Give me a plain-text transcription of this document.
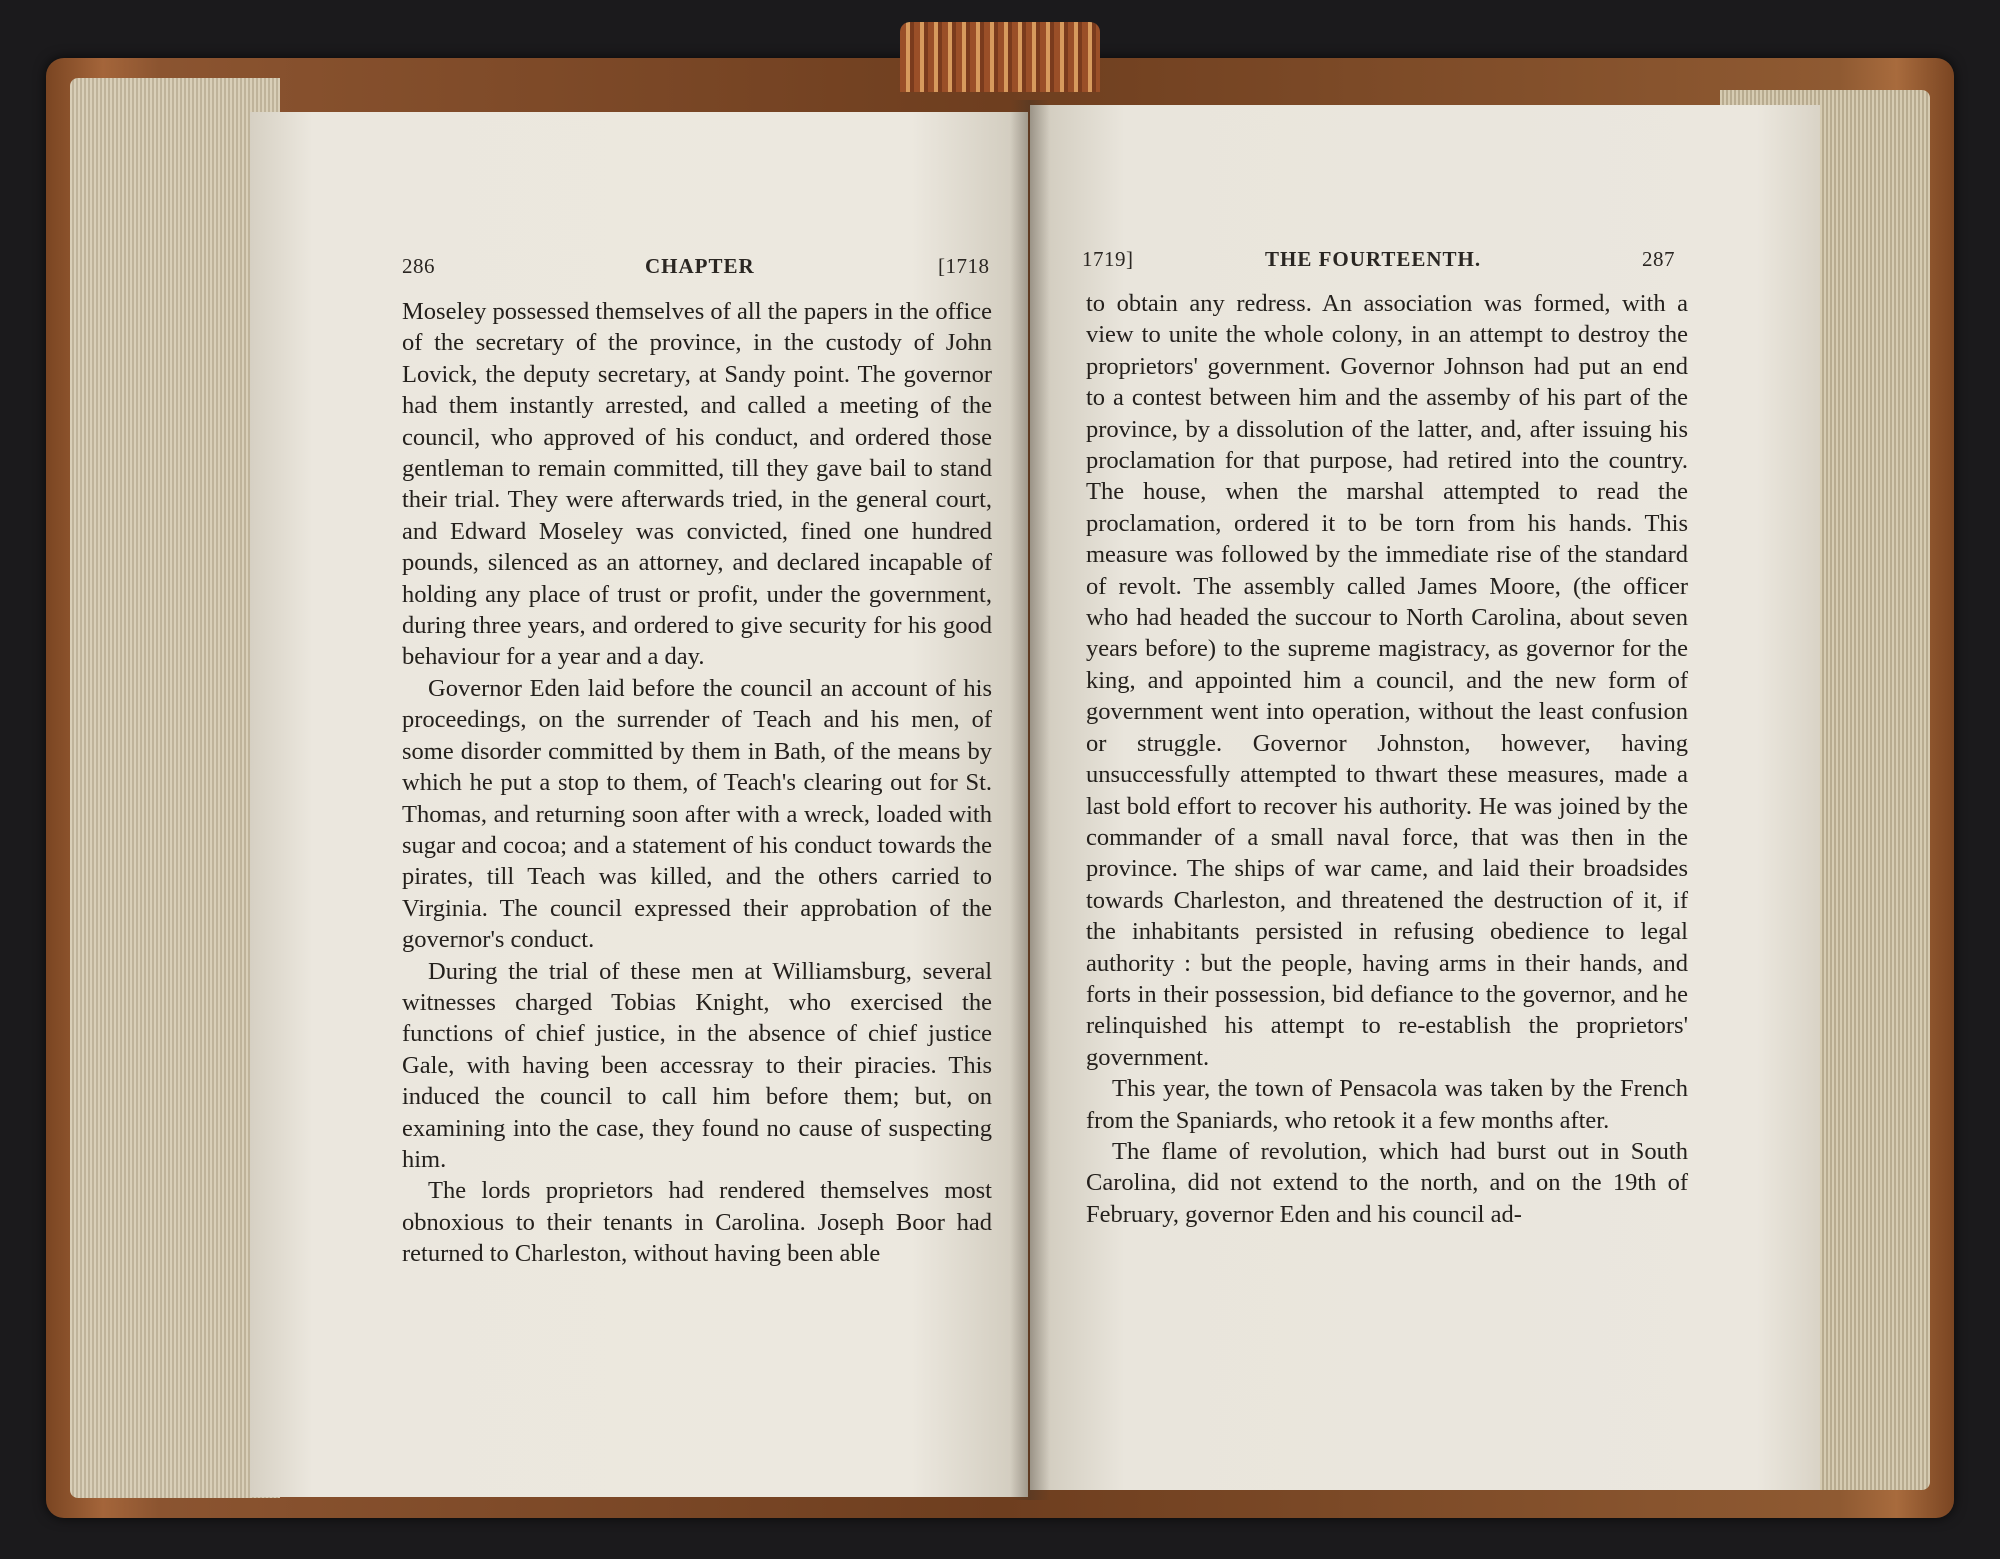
286	CHAPTER	[1718

Moseley possessed themselves of all the papers in the office of the secretary of the province, in the custody of John Lovick, the deputy secretary, at Sandy point. The governor had them instantly arrested, and called a meeting of the council, who approved of his conduct, and ordered those gentleman to remain committed, till they gave bail to stand their trial. They were afterwards tried, in the general court, and Edward Moseley was convicted, fined one hundred pounds, silenced as an attorney, and declared incapable of holding any place of trust or profit, under the government, during three years, and ordered to give security for his good behaviour for a year and a day.

Governor Eden laid before the council an account of his proceedings, on the surrender of Teach and his men, of some disorder committed by them in Bath, of the means by which he put a stop to them, of Teach's clearing out for St. Thomas, and returning soon after with a wreck, loaded with sugar and cocoa; and a statement of his conduct towards the pirates, till Teach was killed, and the others carried to Virginia. The council expressed their approbation of the governor's conduct.

During the trial of these men at Williamsburg, several witnesses charged Tobias Knight, who exercised the functions of chief justice, in the absence of chief justice Gale, with having been accessray to their piracies. This induced the council to call him before them; but, on examining into the case, they found no cause of suspecting him.

The lords proprietors had rendered themselves most obnoxious to their tenants in Carolina. Joseph Boor had returned to Charleston, without having been able

1719]	THE FOURTEENTH.	287

to obtain any redress. An association was formed, with a view to unite the whole colony, in an attempt to destroy the proprietors' government. Governor Johnson had put an end to a contest between him and the assemby of his part of the province, by a dissolution of the latter, and, after issuing his proclamation for that purpose, had retired into the country. The house, when the marshal attempted to read the proclamation, ordered it to be torn from his hands. This measure was followed by the immediate rise of the standard of revolt. The assembly called James Moore, (the officer who had headed the succour to North Carolina, about seven years before) to the supreme magistracy, as governor for the king, and appointed him a council, and the new form of government went into operation, without the least confusion or struggle. Governor Johnston, however, having unsuccessfully attempted to thwart these measures, made a last bold effort to recover his authority. He was joined by the commander of a small naval force, that was then in the province. The ships of war came, and laid their broadsides towards Charleston, and threatened the destruction of it, if the inhabitants persisted in refusing obedience to legal authority : but the people, having arms in their hands, and forts in their possession, bid defiance to the governor, and he relinquished his attempt to re-establish the proprietors' government.

This year, the town of Pensacola was taken by the French from the Spaniards, who retook it a few months after.

The flame of revolution, which had burst out in South Carolina, did not extend to the north, and on the 19th of February, governor Eden and his council ad-
